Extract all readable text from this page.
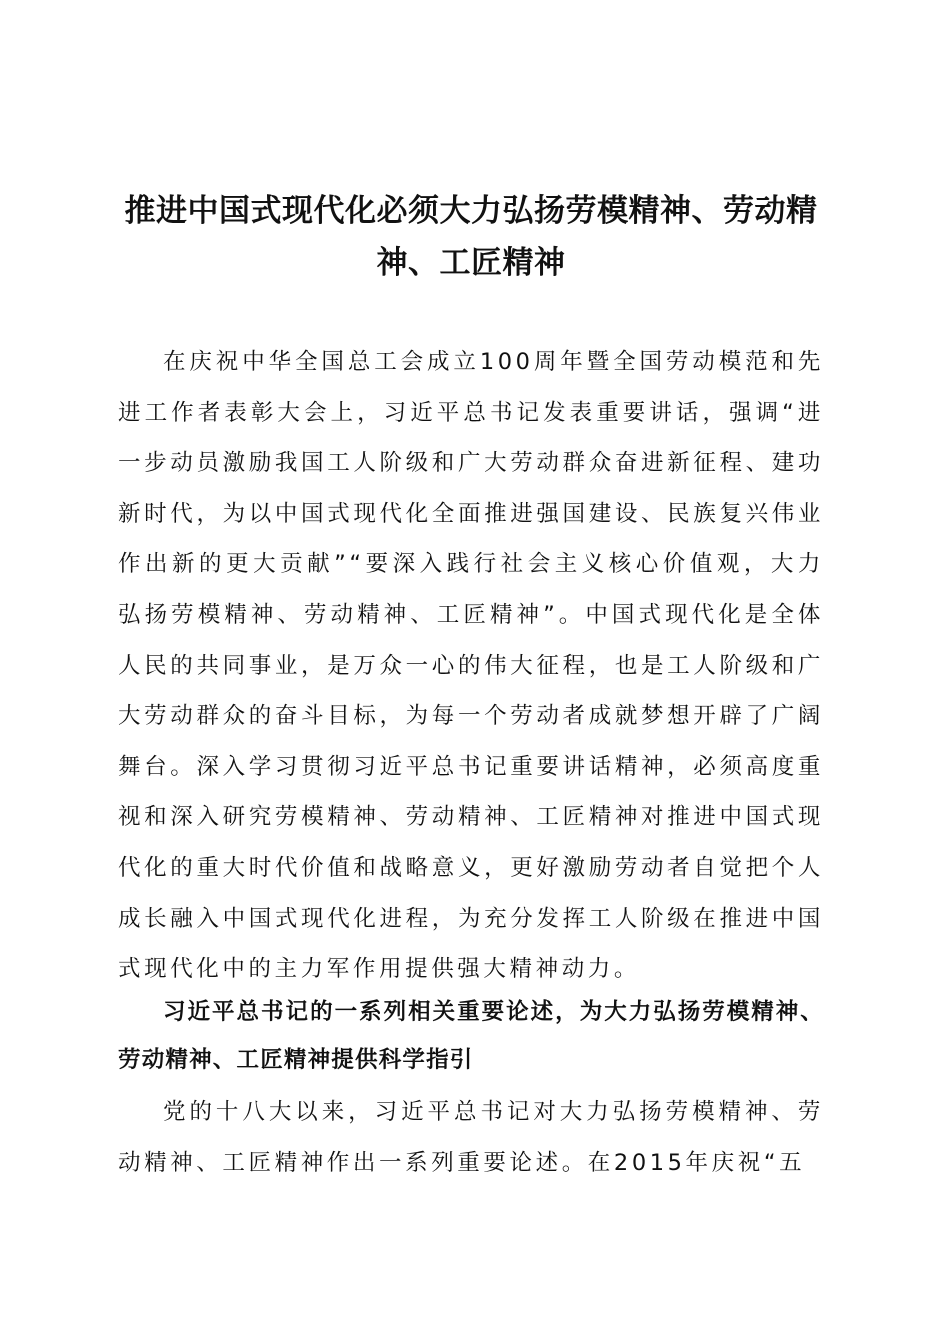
推进中国式现代化必须大力弘扬劳模精神、劳动精神、工匠精神

在庆祝中华全国总工会成立100周年暨全国劳动模范和先进工作者表彰大会上，习近平总书记发表重要讲话，强调“进一步动员激励我国工人阶级和广大劳动群众奋进新征程、建功新时代，为以中国式现代化全面推进强国建设、民族复兴伟业作出新的更大贡献”“要深入践行社会主义核心价值观，大力弘扬劳模精神、劳动精神、工匠精神”。中国式现代化是全体人民的共同事业，是万众一心的伟大征程，也是工人阶级和广大劳动群众的奋斗目标，为每一个劳动者成就梦想开辟了广阔舞台。深入学习贯彻习近平总书记重要讲话精神，必须高度重视和深入研究劳模精神、劳动精神、工匠精神对推进中国式现代化的重大时代价值和战略意义，更好激励劳动者自觉把个人成长融入中国式现代化进程，为充分发挥工人阶级在推进中国式现代化中的主力军作用提供强大精神动力。

习近平总书记的一系列相关重要论述，为大力弘扬劳模精神、劳动精神、工匠精神提供科学指引

党的十八大以来，习近平总书记对大力弘扬劳模精神、劳动精神、工匠精神作出一系列重要论述。在2015年庆祝“五
